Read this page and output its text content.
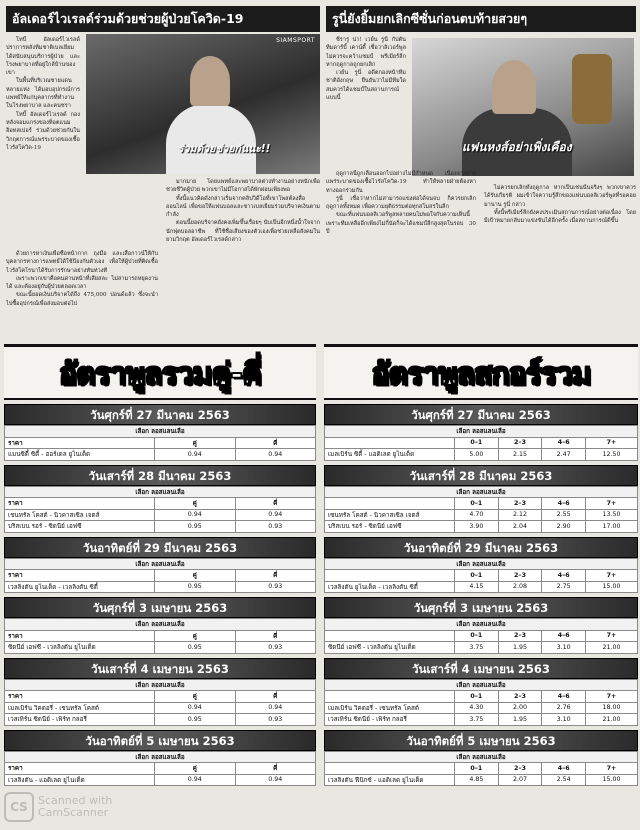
อัลเดอร์ไวเรลด์ร่วมด้วยช่วยผู้ป่วยโควิด-19

โทบี้ อัลเดอร์ไวเรลด์ ปราการหลังทีมชาติเบลเยียม ได้สนับสนุนบริการผู้ป่วย และโรงพยาบาลที่อยู่ใกล้บ้านของเขา

ในพื้นที่บริเวณชายแดนหลายแห่ง ได้มอบอุปกรณ์การแพทย์ให้แก่บุคลากรที่ทำงานในโรงพยาบาล และคนชรา

โทบี้ อัลเดอร์ไวเรลด์ กองหลังจอมแกร่งของท็อตแนม ฮ็อทสเปอร์ ร่วมด้วยช่วยกันในวิกฤตการณ์แพร่ระบาดของเชื้อไวรัสโควิด-19

SIAMSPORT
ร่วมด้วยช่วยกันนะ!!

ด้วยการหาเงินเพื่อซื้อหน้ากาก ถุงมือ และเสื้อกาวน์ให้กับบุคลากรทางการแพทย์ได้ใช้ป้องกันตัวเอง เพื่อให้ผู้ป่วยที่ติดเชื้อไวรัสโคโรนาได้รับการรักษาอย่างทันท่วงที

เพราะพวกเขาคือคนด่านหน้าที่เสียสละ ไม่สามารถหยุดงานได้ และต้องอยู่กับผู้ป่วยตลอดเวลา

ขณะนี้ยอดเงินบริจาคได้ถึง 475,000 ปอนด์แล้ว ซึ่งจะนำไปซื้ออุปกรณ์เพื่อส่งมอบต่อไป

มากมาย โดยแพทย์และพยาบาลต่างทำงานอย่างหนักเพื่อช่วยชีวิตผู้ป่วย พวกเขาไม่มีโอกาสได้พักผ่อนเพียงพอ

ทั้งนี้แนวคิดดังกล่าวเริ่มจากคลิปวิดีโอที่เขาโพสต์ลงสื่อออนไลน์ เพื่อขอให้แฟนบอลและชาวเบลเยียมร่วมบริจาคเงินตามกำลัง

ตอนนี้ยอดบริจาคยังคงเพิ่มขึ้นเรื่อยๆ นับเป็นอีกหนึ่งน้ำใจจากนักฟุตบอลอาชีพ ที่ใช้ชื่อเสียงของตัวเองเพื่อช่วยเหลือสังคมในยามวิกฤต อัลเดอร์ไวเรลด์กล่าว

รูนี่ยังยิ้มยกเลิกซีซั่นก่อนตบท้ายสวยๆ

ชีรารู่ น่า! เวย์น รูนี่ กัปตันทีมดาร์บี้ เคาน์ตี้ เชื่อว่าลิเวอร์พูลไม่ควรจะคว้าแชมป์ พรีเมียร์ลีก หากฤดูกาลถูกยกเลิก

เวย์น รูนี่ อดีตกองหน้าทีมชาติอังกฤษ ยืนยันว่าไม่มีทีมใดสมควรได้แชมป์ในสถานการณ์แบบนี้

แฟนหงส์อย่าเพิ่งเคือง

ฤดูกาลนี้ถูกเลื่อนออกไปอย่างไม่มีกำหนด เนื่องจากการแพร่ระบาดของเชื้อไวรัสโควิด-19 ทำให้หลายฝ่ายต้องหาทางออกร่วมกัน

รูนี่ เชื่อว่าหากไม่สามารถแข่งต่อได้จนจบ ก็ควรยกเลิกฤดูกาลทั้งหมด เพื่อความยุติธรรมต่อทุกสโมสรในลีก

ขณะที่แฟนบอลลิเวอร์พูลหลายคนไม่พอใจกับความเห็นนี้ เพราะทีมเหลืออีกเพียงไม่กี่นัดก็จะได้แชมป์ลีกสูงสุดในรอบ 30 ปี

ไม่ควรยกเลิกทั้งฤดูกาล หากเป็นเช่นนั้นจริงๆ พวกเขาควรได้รับเกียรติ ผมเข้าใจความรู้สึกของแฟนบอลลิเวอร์พูลที่รอคอยมานาน รูนี่ กล่าว

ทั้งนี้พรีเมียร์ลีกยังคงประเมินสถานการณ์อย่างต่อเนื่อง โดยมีเป้าหมายกลับมาแข่งขันได้อีกครั้ง เมื่อสถานการณ์ดีขึ้น

อัตราพูลรวมคู่-คี่
วันศุกร์ที่ 27 มีนาคม 2563
เลือก ลอสแลนเลือ		
ราคา	คู่	คี่
แมนซิตี้ ซิตี้ - ฮอร์เดล ยูไนเต็ด	0.94	0.94
วันเสาร์ที่ 28 มีนาคม 2563
เลือก ลอสแลนเลือ		
ราคา	คู่	คี่
เชนทรัล โคสต์ - นิวคาสเซิล เจตส์	0.94	0.94
บริสเบน รอร์ - ซิดนีย์ เอฟซี	0.95	0.93
วันอาทิตย์ที่ 29 มีนาคม 2563
เลือก ลอสแลนเลือ		
ราคา	คู่	คี่
เวลลิงตัน ยูไนเต็ด - เวลลิงตัน ซิตี้	0.95	0.93
วันศุกร์ที่ 3 เมษายน 2563
เลือก ลอสแลนเลือ		
ราคา	คู่	คี่
ซิดนีย์ เอฟซี - เวลลิงตัน ยูไนเต็ด	0.95	0.93
วันเสาร์ที่ 4 เมษายน 2563
เลือก ลอสแลนเลือ		
ราคา	คู่	คี่
เมลเบิร์น วิคตอรี่ - เชนทรัล โคสต์	0.94	0.94
เวสเทิร์น ซิดนีย์ - เพิร์ท กลอรี่	0.95	0.93
วันอาทิตย์ที่ 5 เมษายน 2563
เลือก ลอสแลนเลือ		
ราคา	คู่	คี่
เวลลิงตัน - แอดิเลด ยูไนเต็ด	0.94	0.94
อัตราพูลสกอร์รวม
วันศุกร์ที่ 27 มีนาคม 2563
เลือก ลอสแลนเลือ				
	0–1	2–3	4–6	7+
เมลเบิร์น ซิตี้ - แอดิเลด ยูไนเต็ด	5.00	2.15	2.47	12.50
วันเสาร์ที่ 28 มีนาคม 2563
เลือก ลอสแลนเลือ				
	0–1	2–3	4–6	7+
เซนทรัล โคสต์ - นิวคาสเซิล เจตส์	4.70	2.12	2.55	13.50
บริสเบน รอร์ - ซิดนีย์ เอฟซี	3.90	2.04	2.90	17.00
วันอาทิตย์ที่ 29 มีนาคม 2563
เลือก ลอสแลนเลือ				
	0–1	2–3	4–6	7+
เวลลิงตัน ยูไนเต็ด - เวลลิงตัน ซิตี้	4.15	2.08	2.75	15.00
วันศุกร์ที่ 3 เมษายน 2563
เลือก ลอสแลนเลือ				
	0–1	2–3	4–6	7+
ซิดนีย์ เอฟซี - เวลลิงตัน ยูไนเต็ด	3.75	1.95	3.10	21.00
วันเสาร์ที่ 4 เมษายน 2563
เลือก ลอสแลนเลือ				
	0–1	2–3	4–6	7+
เมลเบิร์น วิคตอรี่ - เซนทรัล โคสต์	4.30	2.00	2.76	18.00
เวสเทิร์น ซิดนีย์ - เพิร์ท กลอรี่	3.75	1.95	3.10	21.00
วันอาทิตย์ที่ 5 เมษายน 2563
เลือก ลอสแลนเลือ				
	0–1	2–3	4–6	7+
เวลลิงตัน ฟีนิกซ์ - แอดิเลด ยูไนเต็ด	4.85	2.07	2.54	15.00
CS Scanned with
CamScanner
